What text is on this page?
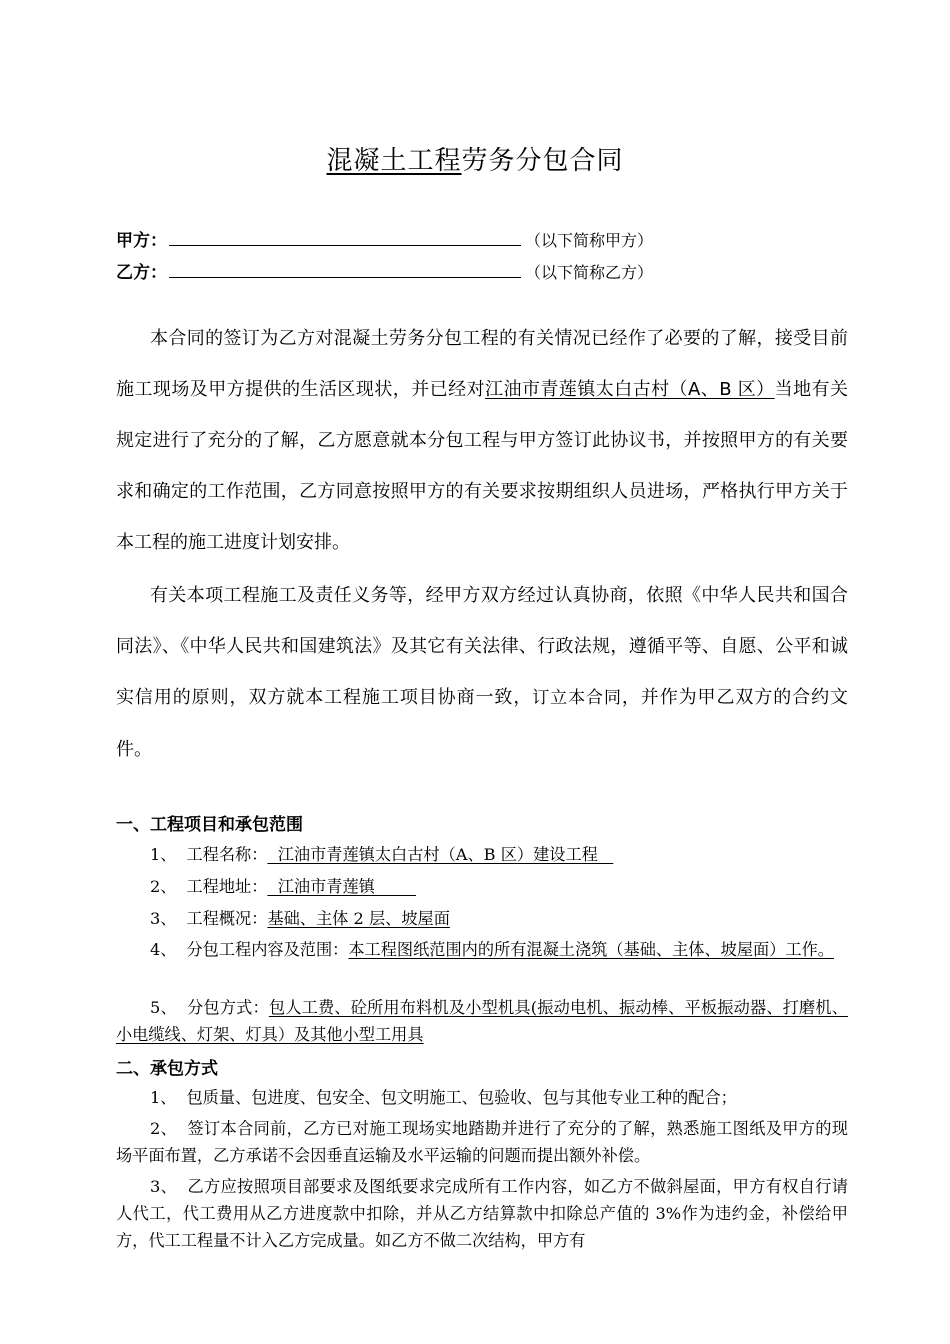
混凝土工程劳务分包合同
甲方：	（以下简称甲方）
乙方：	（以下简称乙方）

本合同的签订为乙方对混凝土劳务分包工程的有关情况已经作了必要的了解，接受目前施工现场及甲方提供的生活区现状，并已经对江油市青莲镇太白古村（A、B 区）当地有关规定进行了充分的了解，乙方愿意就本分包工程与甲方签订此协议书，并按照甲方的有关要求和确定的工作范围，乙方同意按照甲方的有关要求按期组织人员进场，严格执行甲方关于本工程的施工进度计划安排。

有关本项工程施工及责任义务等，经甲方双方经过认真协商，依照《中华人民共和国合同法》、《中华人民共和国建筑法》及其它有关法律、行政法规，遵循平等、自愿、公平和诚实信用的原则，双方就本工程施工项目协商一致，订立本合同，并作为甲乙双方的合约文件。

一、工程项目和承包范围

1、 工程名称：  江油市青莲镇太白古村（A、B 区）建设工程

2、 工程地址：  江油市青莲镇

3、 工程概况：基础、主体 2 层、坡屋面

4、 分包工程内容及范围：本工程图纸范围内的所有混凝土浇筑（基础、主体、坡屋面）工作。

5、 分包方式：包人工费、砼所用布料机及小型机具(振动电机、振动棒、平板振动器、打磨机、小电缆线、灯架、灯具）及其他小型工用具

二、承包方式

1、 包质量、包进度、包安全、包文明施工、包验收、包与其他专业工种的配合；

2、 签订本合同前，乙方已对施工现场实地踏勘并进行了充分的了解，熟悉施工图纸及甲方的现场平面布置，乙方承诺不会因垂直运输及水平运输的问题而提出额外补偿。

3、 乙方应按照项目部要求及图纸要求完成所有工作内容，如乙方不做斜屋面，甲方有权自行请人代工，代工费用从乙方进度款中扣除，并从乙方结算款中扣除总产值的 3%作为违约金，补偿给甲方，代工工程量不计入乙方完成量。如乙方不做二次结构，甲方有
